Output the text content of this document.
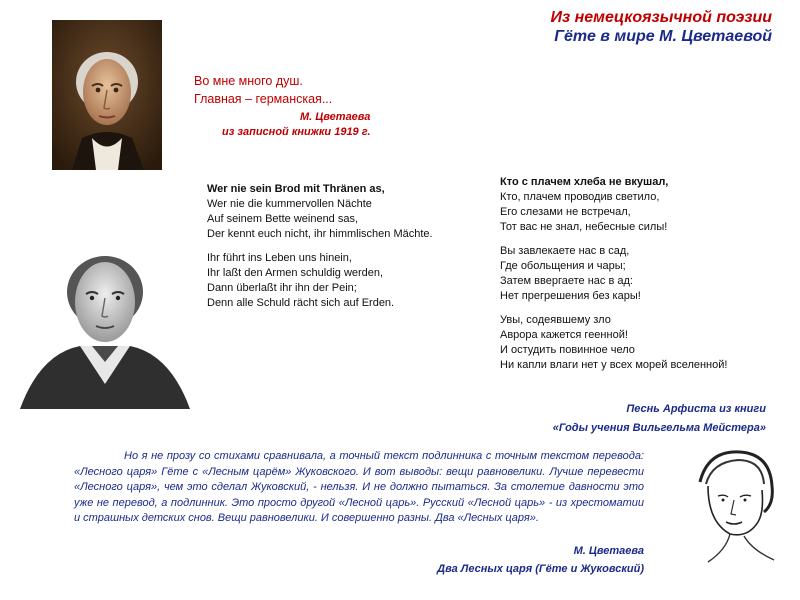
Из немецкоязычной поэзии
Гёте в мире М. Цветаевой
Во мне много душ.
Главная – германская...
М. Цветаева
из записной книжки 1919 г.
Wer nie sein Brod mit Thränen as,
Wer nie die kummervollen Nächte
Auf seinem Bette weinend sas,
Der kennt euch nicht, ihr himmlischen Mächte.
Ihr führt ins Leben uns hinein,
Ihr laßt den Armen schuldig werden,
Dann überlaßt ihr ihn der Pein;
Denn alle Schuld rächt sich auf Erden.
Кто с плачем хлеба не вкушал,
Кто, плачем проводив светило,
Его слезами не встречал,
Тот вас не знал, небесные силы!
Вы завлекаете нас в сад,
Где обольщения и чары;
Затем ввергаете нас в ад:
Нет прегрешения без кары!
Увы, содеявшему зло
Аврора кажется геенной!
И остудить повинное чело
Ни капли влаги нет у всех морей вселенной!
Песнь Арфиста из книги
«Годы учения Вильгельма Мейстера»
Но я не прозу со стихами сравнивала, а точный текст подлинника с точным текстом перевода: «Лесного царя» Гёте с «Лесным царём» Жуковского. И вот выводы: вещи равновелики. Лучше перевести «Лесного царя», чем это сделал Жуковский, - нельзя. И не должно пытаться. За столетие давности это уже не перевод, а подлинник. Это просто другой «Лесной царь». Русский «Лесной царь» - из хрестоматии и страшных детских снов. Вещи равновелики. И совершенно разны. Два «Лесных царя».
М. Цветаева
Два Лесных царя (Гёте и Жуковский)
